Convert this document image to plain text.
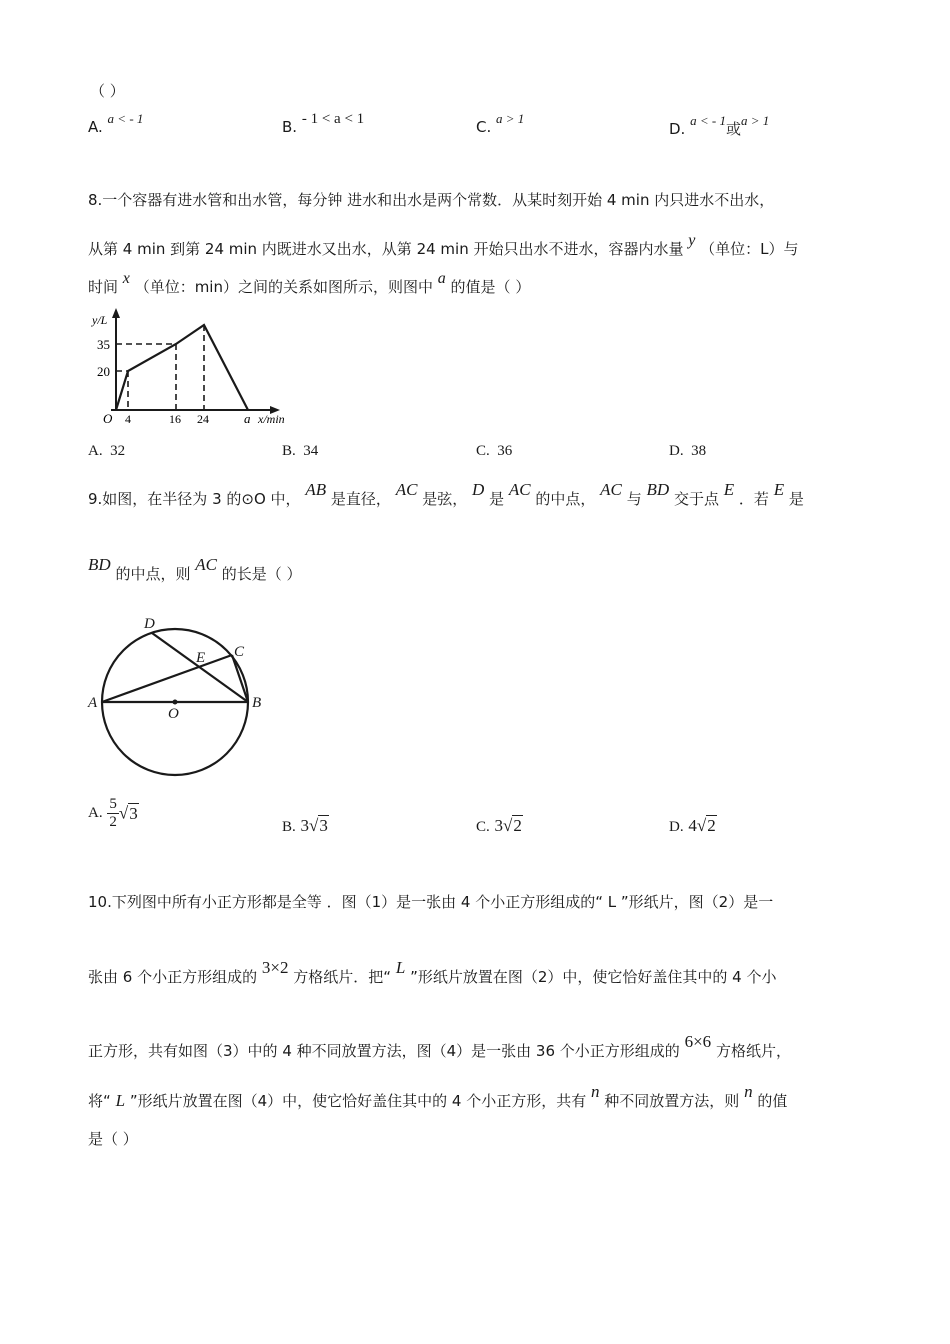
（ ）
A. a < - 1	B. - 1 < a < 1	C. a > 1
D. a < - 1或a > 1
8.一个容器有进水管和出水管，每分钟 进水和出水是两个常数．从某时刻开始 4 min 内只进水不出水，
从第 4 min 到第 24 min 内既进水又出水，从第 24 min 开始只出水不进水，容器内水量 y （单位：L）与
时间 x （单位：min）之间的关系如图所示，则图中 a 的值是（ ）
y/L
35
20
O 4	16 24	a x/min
A. 32	B. 34	C. 36	D. 38
9.如图，在半径为 3 的⊙O 中， AB 是直径， AC 是弦， D 是 AC 的中点， AC 与 BD 交于点 E ．若 E 是
BD 的中点，则 AC 的长是（ ）
D
C
E
A
O
B
A. $\frac{5}{2} √3$
B. 3√3	C. 3√2	D. 4√2
10.下列图中所有小正方形都是全等 ．图（1）是一张由 4 个小正方形组成的“ L ”形纸片，图（2）是一
张由 6 个小正方形组成的 3×2 方格纸片．把“ L ”形纸片放置在图（2）中，使它恰好盖住其中的 4 个小
正方形，共有如图（3）中的 4 种不同放置方法，图（4）是一张由 36 个小正方形组成的 6×6 方格纸片，
将“ L ”形纸片放置在图（4）中，使它恰好盖住其中的 4 个小正方形，共有 n 种不同放置方法，则 n 的值
是（ ）
